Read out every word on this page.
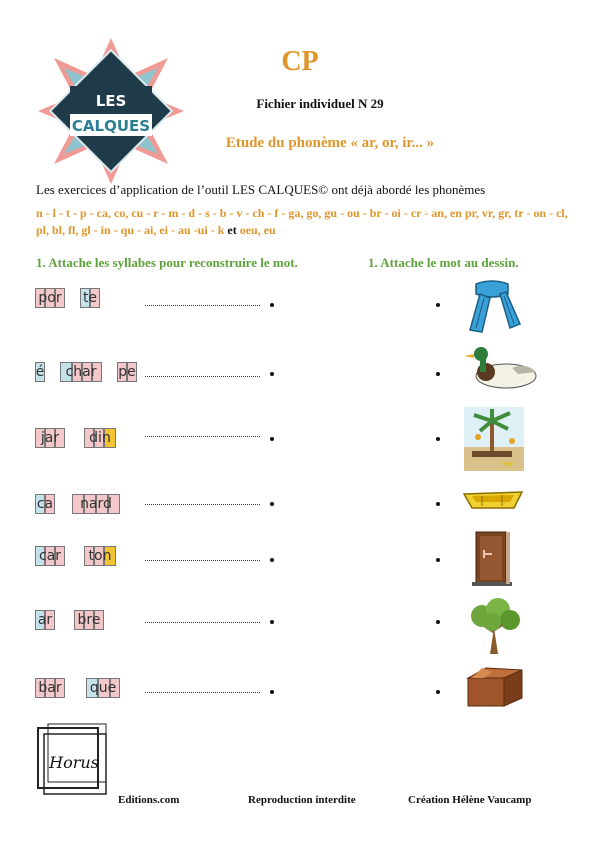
LES
CALQUES
CP
Fichier individuel N 29
Etude du phonème « ar, or, ir... »
Les exercices d’application de l’outil LES CALQUES© ont déjà abordé les phonèmes
n - l - t - p - ca, co, cu - r - m - d - s - b - v - ch - f - ga, go, gu - ou - br - oi - cr - an, en pr, vr, gr, tr - on - cl, pl, bl, fl, gl - in - qu - ai, ei - au -ui - k et oeu, eu
1. Attache les syllabes pour reconstruire le mot.	1. Attache le mot au dessin.
por te
é	char	pe
jar	din
ca	nard
car	ton
ar bre
bar que
Horus
Editions.com	Reproduction interdite	Création Hélène Vaucamp
